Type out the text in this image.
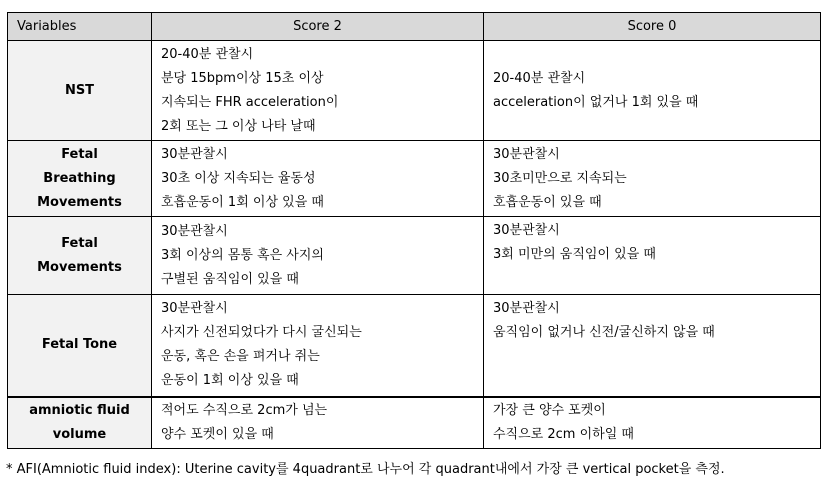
Variables	Score 2	Score 0

NST	20-40분 관찰시
분당 15bpm이상 15초 이상
지속되는 FHR acceleration이
2회 또는 그 이상 나타 날때	20-40분 관찰시
acceleration이 없거나 1회 있을 때

Fetal
Breathing
Movements	30분관찰시
30초 이상 지속되는 율동성
호흡운동이 1회 이상 있을 때	30분관찰시
30초미만으로 지속되는
호흡운동이 있을 때

Fetal
Movements	30분관찰시
3회 이상의 몸통 혹은 사지의
구별된 움직임이 있을 때	30분관찰시
3회 미만의 움직임이 있을 때

Fetal Tone	30분관찰시
사지가 신전되었다가 다시 굴신되는
운동, 혹은 손을 펴거나 쥐는
운동이 1회 이상 있을 때	30분관찰시
움직임이 없거나 신전/굴신하지 않을 때

amniotic fluid
volume	적어도 수직으로 2cm가 넘는
양수 포켓이 있을 때	가장 큰 양수 포켓이
수직으로 2cm 이하일 때
* AFI(Amniotic fluid index): Uterine cavity를 4quadrant로 나누어 각 quadrant내에서 가장 큰 vertical pocket을 측정.
